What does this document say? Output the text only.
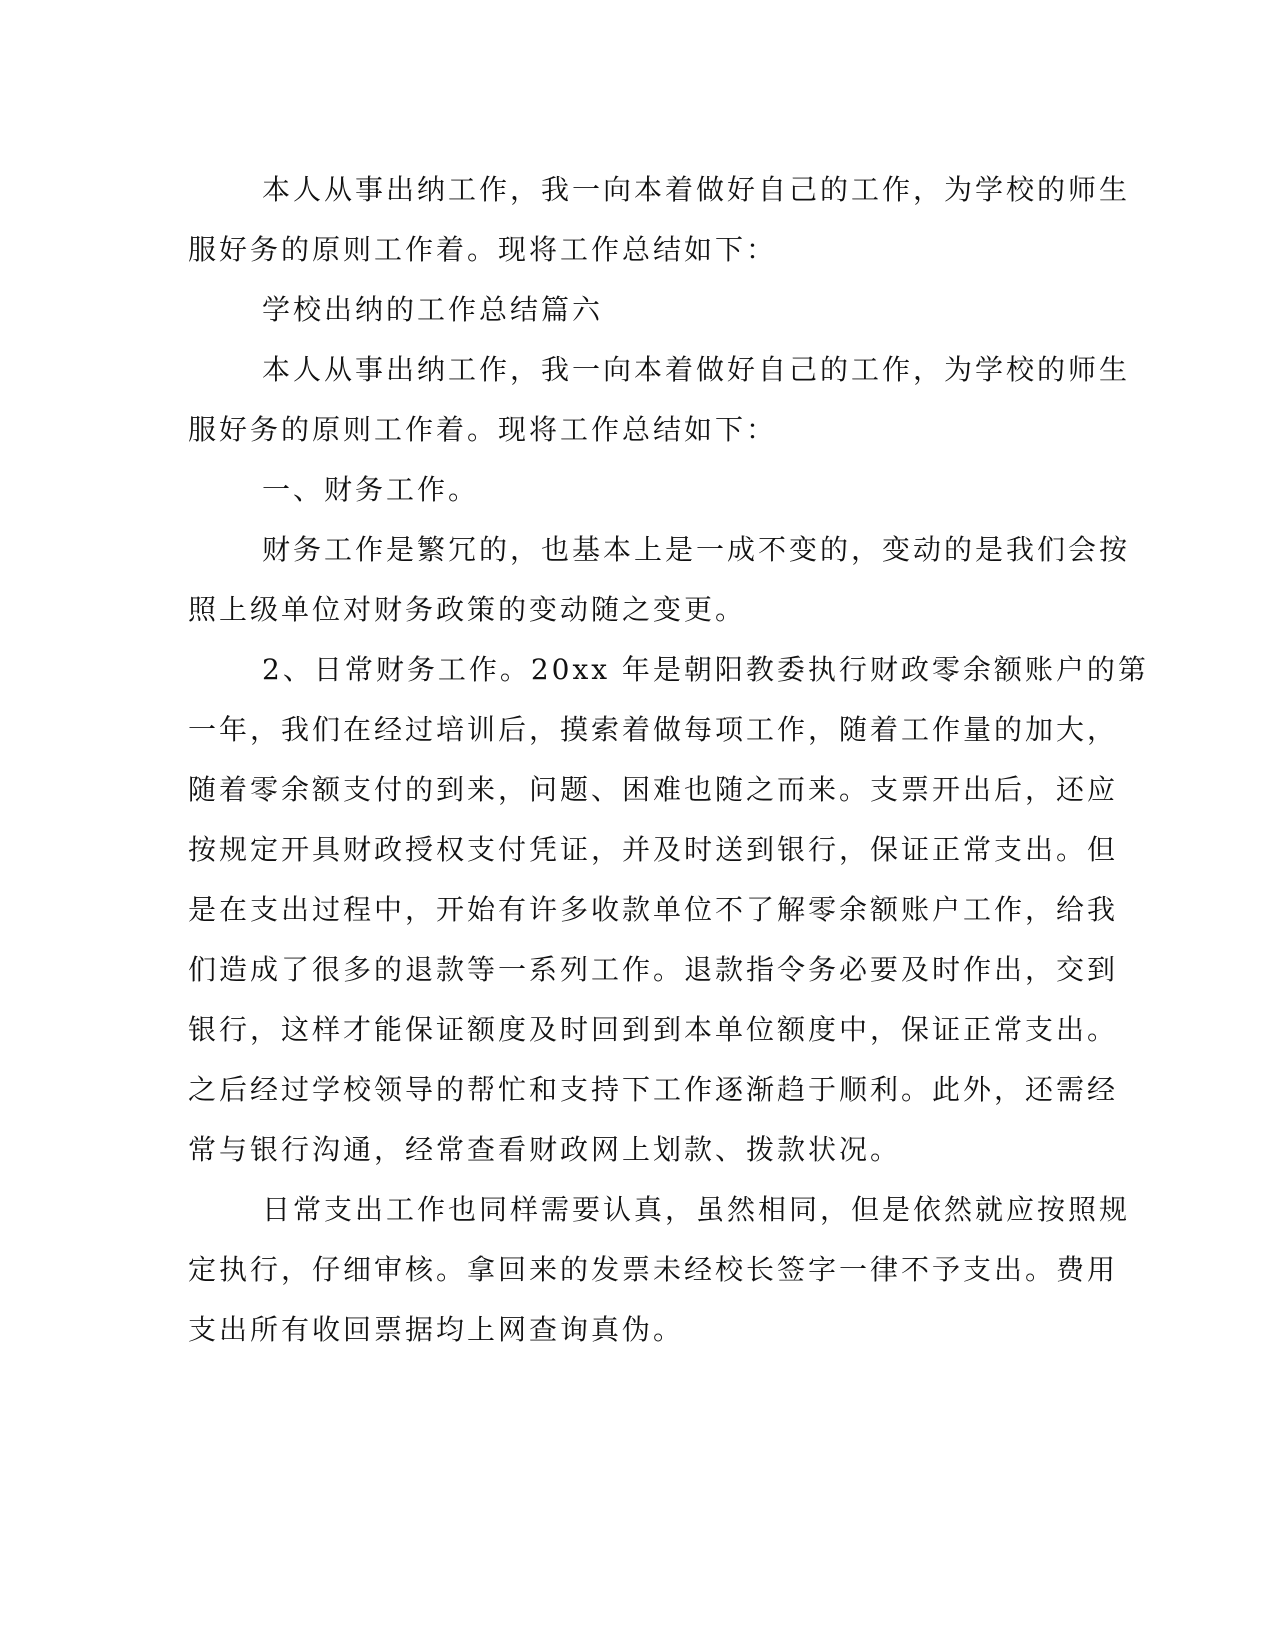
本人从事出纳工作，我一向本着做好自己的工作，为学校的师生

服好务的原则工作着。现将工作总结如下：

学校出纳的工作总结篇六

本人从事出纳工作，我一向本着做好自己的工作，为学校的师生

服好务的原则工作着。现将工作总结如下：

一、财务工作。

财务工作是繁冗的，也基本上是一成不变的，变动的是我们会按

照上级单位对财务政策的变动随之变更。

2、日常财务工作。20xx 年是朝阳教委执行财政零余额账户的第

一年，我们在经过培训后，摸索着做每项工作，随着工作量的加大，

随着零余额支付的到来，问题、困难也随之而来。支票开出后，还应

按规定开具财政授权支付凭证，并及时送到银行，保证正常支出。但

是在支出过程中，开始有许多收款单位不了解零余额账户工作，给我

们造成了很多的退款等一系列工作。退款指令务必要及时作出，交到

银行，这样才能保证额度及时回到到本单位额度中，保证正常支出。

之后经过学校领导的帮忙和支持下工作逐渐趋于顺利。此外，还需经

常与银行沟通，经常查看财政网上划款、拨款状况。

日常支出工作也同样需要认真，虽然相同，但是依然就应按照规

定执行，仔细审核。拿回来的发票未经校长签字一律不予支出。费用

支出所有收回票据均上网查询真伪。
